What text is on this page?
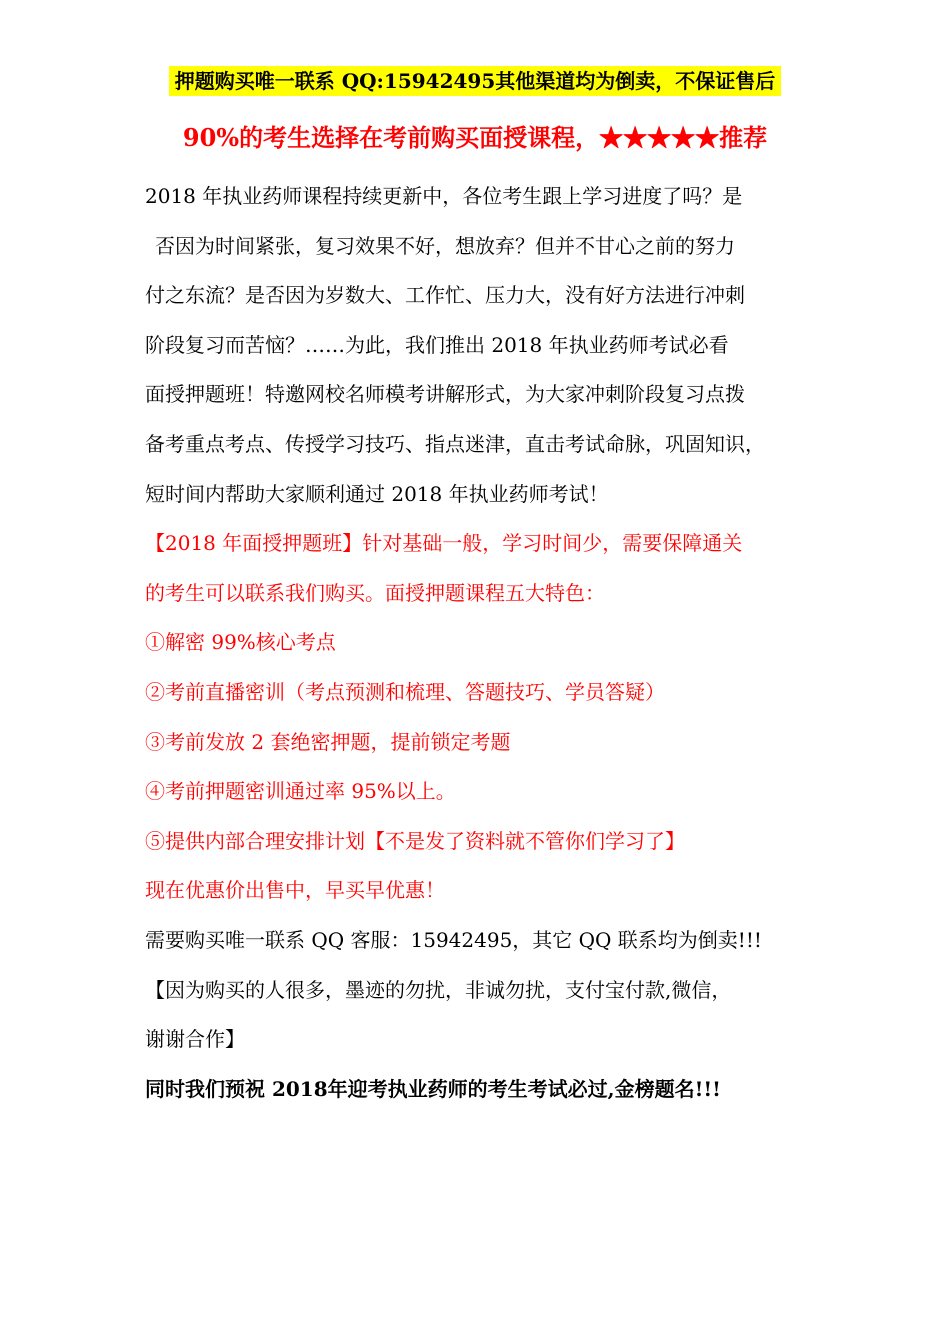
押题购买唯一联系 QQ:15942495其他渠道均为倒卖，不保证售后
90%的考生选择在考前购买面授课程，★★★★★推荐
2018 年执业药师课程持续更新中，各位考生跟上学习进度了吗？是
否因为时间紧张，复习效果不好，想放弃？但并不甘心之前的努力
付之东流？是否因为岁数大、工作忙、压力大，没有好方法进行冲刺
阶段复习而苦恼？……为此，我们推出 2018 年执业药师考试必看
面授押题班！特邀网校名师模考讲解形式，为大家冲刺阶段复习点拨
备考重点考点、传授学习技巧、指点迷津，直击考试命脉，巩固知识，
短时间内帮助大家顺利通过 2018 年执业药师考试！
【2018 年面授押题班】针对基础一般，学习时间少，需要保障通关
的考生可以联系我们购买。面授押题课程五大特色：
①解密 99%核心考点
②考前直播密训（考点预测和梳理、答题技巧、学员答疑）
③考前发放 2 套绝密押题，提前锁定考题
④考前押题密训通过率 95%以上。
⑤提供内部合理安排计划【不是发了资料就不管你们学习了】
现在优惠价出售中，早买早优惠！
需要购买唯一联系 QQ 客服：15942495，其它 QQ 联系均为倒卖!!!
【因为购买的人很多，墨迹的勿扰，非诚勿扰，支付宝付款,微信，
谢谢合作】
同时我们预祝 2018年迎考执业药师的考生考试必过,金榜题名!!!
